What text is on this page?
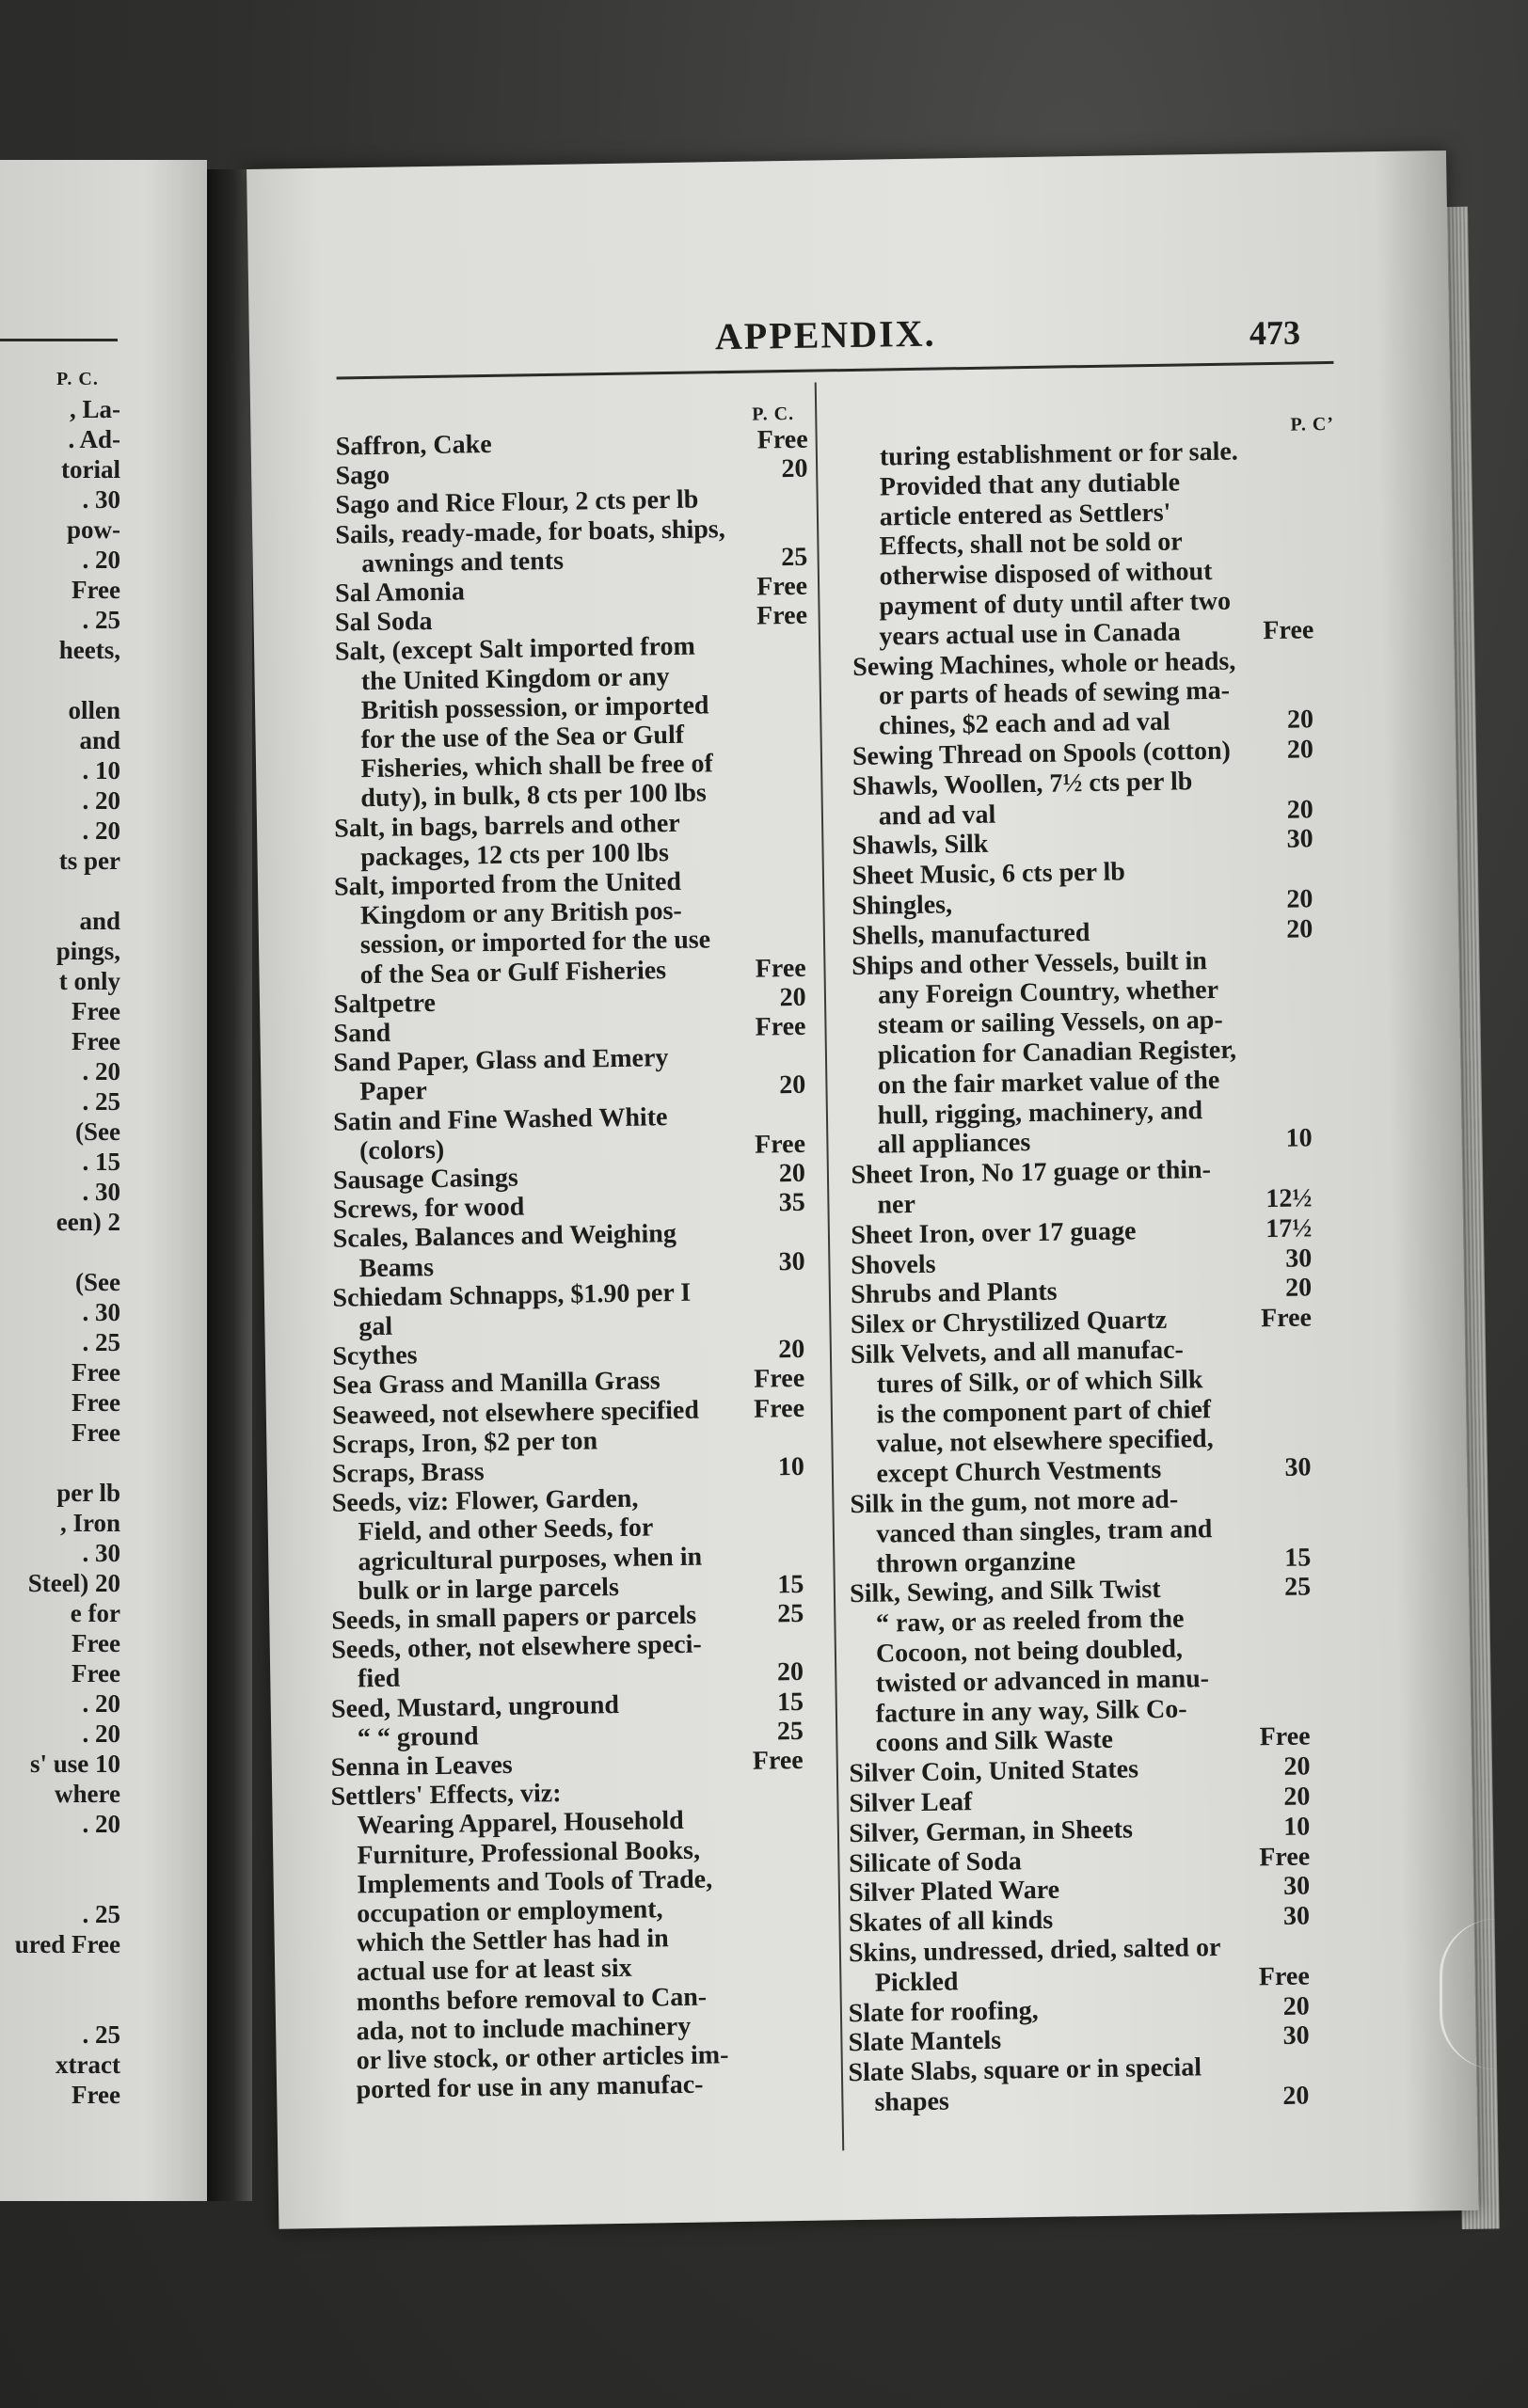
P. C.
, La-
. Ad-
torial
. 30
pow-
. 20
Free
. 25
heets,
ollen
and
. 10
. 20
. 20
ts per
and
pings,
t only
Free
Free
. 20
. 25
(See
. 15
. 30
een) 2
(See
. 30
. 25
Free
Free
Free
per lb
, Iron
. 30
Steel) 20
e for
Free
Free
. 20
. 20
s' use 10
where
. 20
. 25
ured Free
. 25
xtract
Free
APPENDIX.	473
P. C.	P. C’
Saffron, Cake	Free
Sago	20
Sago and Rice Flour, 2 cts per lb
Sails, ready-made, for boats, ships,
awnings and tents	25
Sal Amonia	Free
Sal Soda	Free
Salt, (except Salt imported from
the United Kingdom or any
British possession, or imported
for the use of the Sea or Gulf
Fisheries, which shall be free of
duty), in bulk, 8 cts per 100 lbs
Salt, in bags, barrels and other
packages, 12 cts per 100 lbs
Salt, imported from the United
Kingdom or any British pos-
session, or imported for the use
of the Sea or Gulf Fisheries	Free
Saltpetre	20
Sand	Free
Sand Paper, Glass and Emery
Paper	20
Satin and Fine Washed White
(colors)	Free
Sausage Casings	20
Screws, for wood	35
Scales, Balances and Weighing
Beams	30
Schiedam Schnapps, $1.90 per I
gal
Scythes	20
Sea Grass and Manilla Grass	Free
Seaweed, not elsewhere specified	Free
Scraps, Iron, $2 per ton
Scraps, Brass	10
Seeds, viz: Flower, Garden,
Field, and other Seeds, for
agricultural purposes, when in
bulk or in large parcels	15
Seeds, in small papers or parcels	25
Seeds, other, not elsewhere speci-
fied	20
Seed, Mustard, unground	15
“ “ ground	25
Senna in Leaves	Free
Settlers' Effects, viz:
Wearing Apparel, Household
Furniture, Professional Books,
Implements and Tools of Trade,
occupation or employment,
which the Settler has had in
actual use for at least six
months before removal to Can-
ada, not to include machinery
or live stock, or other articles im-
ported for use in any manufac-
turing establishment or for sale.
Provided that any dutiable
article entered as Settlers'
Effects, shall not be sold or
otherwise disposed of without
payment of duty until after two
years actual use in Canada	Free
Sewing Machines, whole or heads,
or parts of heads of sewing ma-
chines, $2 each and ad val	20
Sewing Thread on Spools (cotton)	20
Shawls, Woollen, 7½ cts per lb
and ad val	20
Shawls, Silk	30
Sheet Music, 6 cts per lb
Shingles,	20
Shells, manufactured	20
Ships and other Vessels, built in
any Foreign Country, whether
steam or sailing Vessels, on ap-
plication for Canadian Register,
on the fair market value of the
hull, rigging, machinery, and
all appliances	10
Sheet Iron, No 17 guage or thin-
ner	12½
Sheet Iron, over 17 guage	17½
Shovels	30
Shrubs and Plants	20
Silex or Chrystilized Quartz	Free
Silk Velvets, and all manufac-
tures of Silk, or of which Silk
is the component part of chief
value, not elsewhere specified,
except Church Vestments	30
Silk in the gum, not more ad-
vanced than singles, tram and
thrown organzine	15
Silk, Sewing, and Silk Twist	25
“ raw, or as reeled from the
Cocoon, not being doubled,
twisted or advanced in manu-
facture in any way, Silk Co-
coons and Silk Waste	Free
Silver Coin, United States	20
Silver Leaf	20
Silver, German, in Sheets	10
Silicate of Soda	Free
Silver Plated Ware	30
Skates of all kinds	30
Skins, undressed, dried, salted or
Pickled	Free
Slate for roofing,	20
Slate Mantels	30
Slate Slabs, square or in special
shapes	20
